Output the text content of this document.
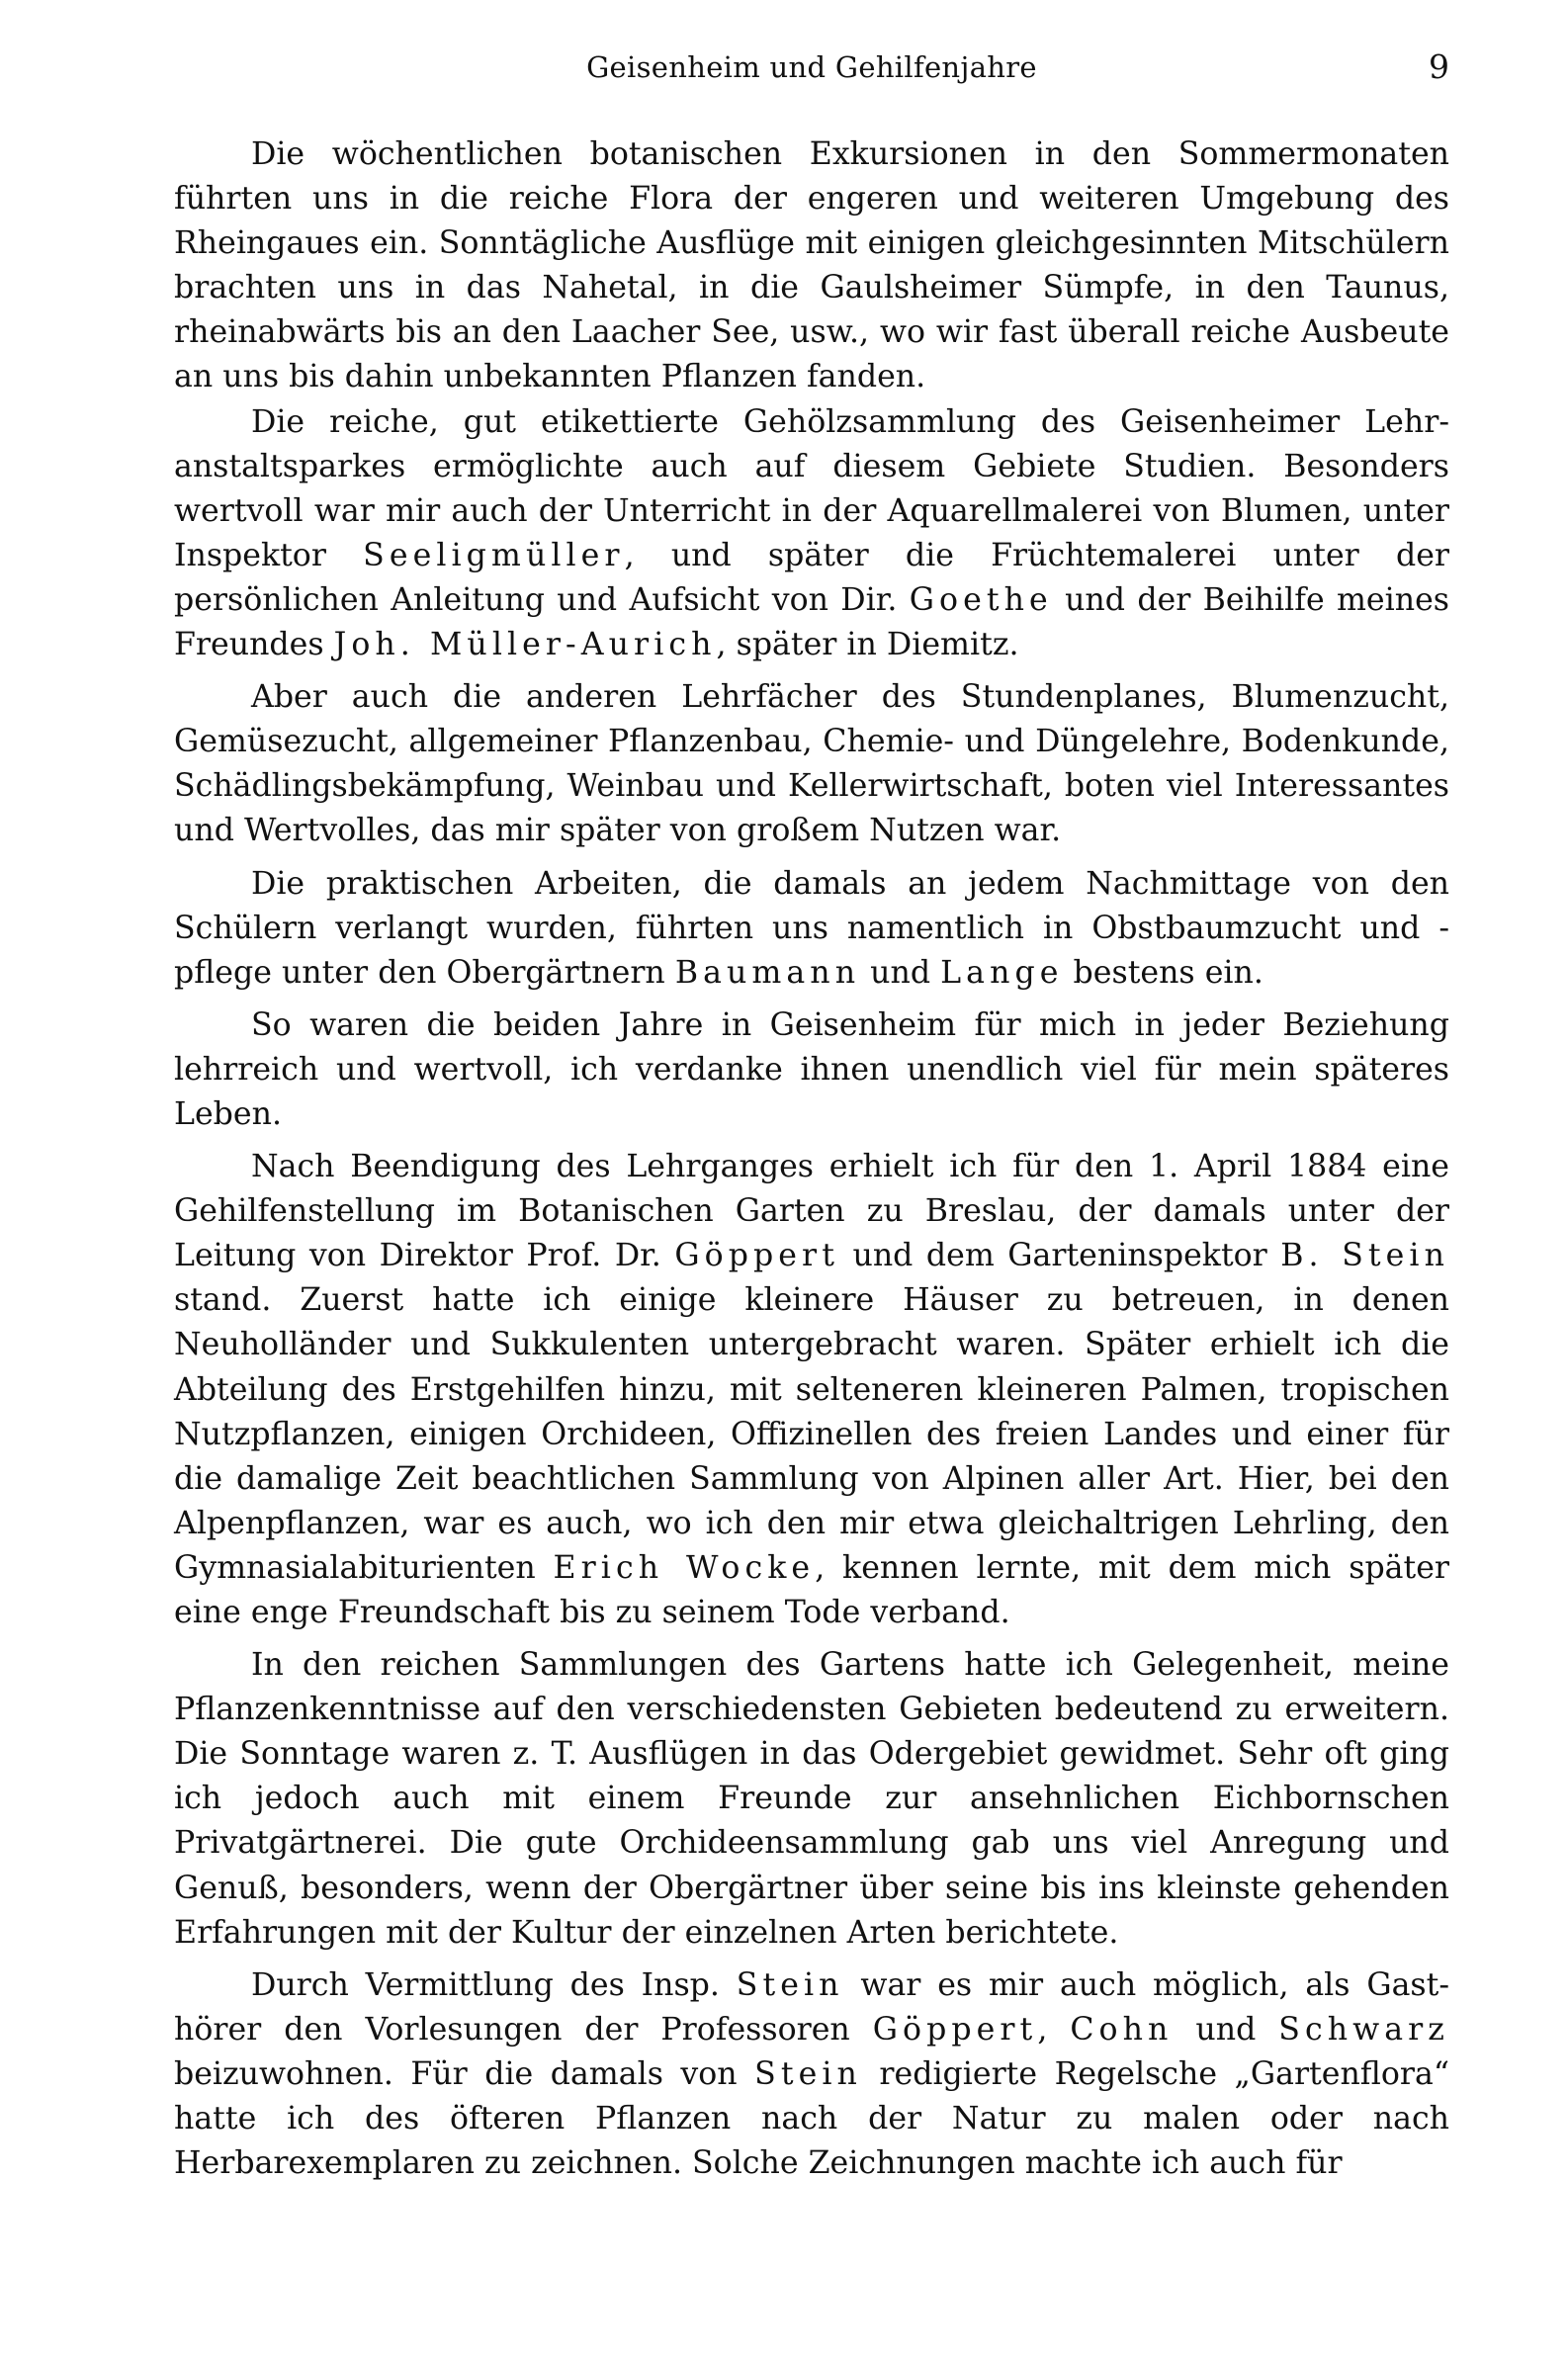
Geisenheim und Gehilfenjahre	9

Die wöchentlichen botanischen Exkursionen in den Sommermonaten führten uns in die reiche Flora der engeren und weiteren Umgebung des Rheingaues ein. Sonntägliche Ausflüge mit einigen gleichgesinnten Mitschülern brachten uns in das Nahetal, in die Gaulsheimer Sümpfe, in den Taunus, rheinabwärts bis an den Laacher See, usw., wo wir fast überall reiche Ausbeute an uns bis dahin unbekannten Pflanzen fanden.

Die reiche, gut etikettierte Gehölzsammlung des Geisenheimer Lehranstaltsparkes ermöglichte auch auf diesem Gebiete Studien. Besonders wertvoll war mir auch der Unterricht in der Aquarellmalerei von Blumen, unter Inspektor Seeligmüller, und später die Früchtemalerei unter der persönlichen Anleitung und Aufsicht von Dir. Goethe und der Beihilfe meines Freundes Joh. Müller-Aurich, später in Diemitz.

Aber auch die anderen Lehrfächer des Stundenplanes, Blumenzucht, Gemüsezucht, allgemeiner Pflanzenbau, Chemie- und Düngelehre, Bodenkunde, Schädlingsbekämpfung, Weinbau und Kellerwirtschaft, boten viel Interessantes und Wertvolles, das mir später von großem Nutzen war.

Die praktischen Arbeiten, die damals an jedem Nachmittage von den Schülern verlangt wurden, führten uns namentlich in Obstbaumzucht und -pflege unter den Obergärtnern Baumann und Lange bestens ein.

So waren die beiden Jahre in Geisenheim für mich in jeder Beziehung lehrreich und wertvoll, ich verdanke ihnen unendlich viel für mein späteres Leben.

Nach Beendigung des Lehrganges erhielt ich für den 1. April 1884 eine Gehilfenstellung im Botanischen Garten zu Breslau, der damals unter der Leitung von Direktor Prof. Dr. Göppert und dem Garteninspektor B. Stein stand. Zuerst hatte ich einige kleinere Häuser zu betreuen, in denen Neuholländer und Sukkulenten untergebracht waren. Später erhielt ich die Abteilung des Erstgehilfen hinzu, mit selteneren kleineren Palmen, tropischen Nutzpflanzen, einigen Orchideen, Offizinellen des freien Landes und einer für die damalige Zeit beachtlichen Sammlung von Alpinen aller Art. Hier, bei den Alpenpflanzen, war es auch, wo ich den mir etwa gleichaltrigen Lehrling, den Gymnasialabiturienten Erich Wocke, kennen lernte, mit dem mich später eine enge Freundschaft bis zu seinem Tode verband.

In den reichen Sammlungen des Gartens hatte ich Gelegenheit, meine Pflanzenkenntnisse auf den verschiedensten Gebieten bedeutend zu erweitern. Die Sonntage waren z. T. Ausflügen in das Odergebiet gewidmet. Sehr oft ging ich jedoch auch mit einem Freunde zur ansehnlichen Eichbornschen Privatgärtnerei. Die gute Orchideensammlung gab uns viel Anregung und Genuß, besonders, wenn der Obergärtner über seine bis ins kleinste gehenden Erfahrungen mit der Kultur der einzelnen Arten berichtete.

Durch Vermittlung des Insp. Stein war es mir auch möglich, als Gasthörer den Vorlesungen der Professoren Göppert, Cohn und Schwarz beizuwohnen. Für die damals von Stein redigierte Regelsche „Gartenflora“ hatte ich des öfteren Pflanzen nach der Natur zu malen oder nach Herbarexemplaren zu zeichnen. Solche Zeichnungen machte ich auch für
